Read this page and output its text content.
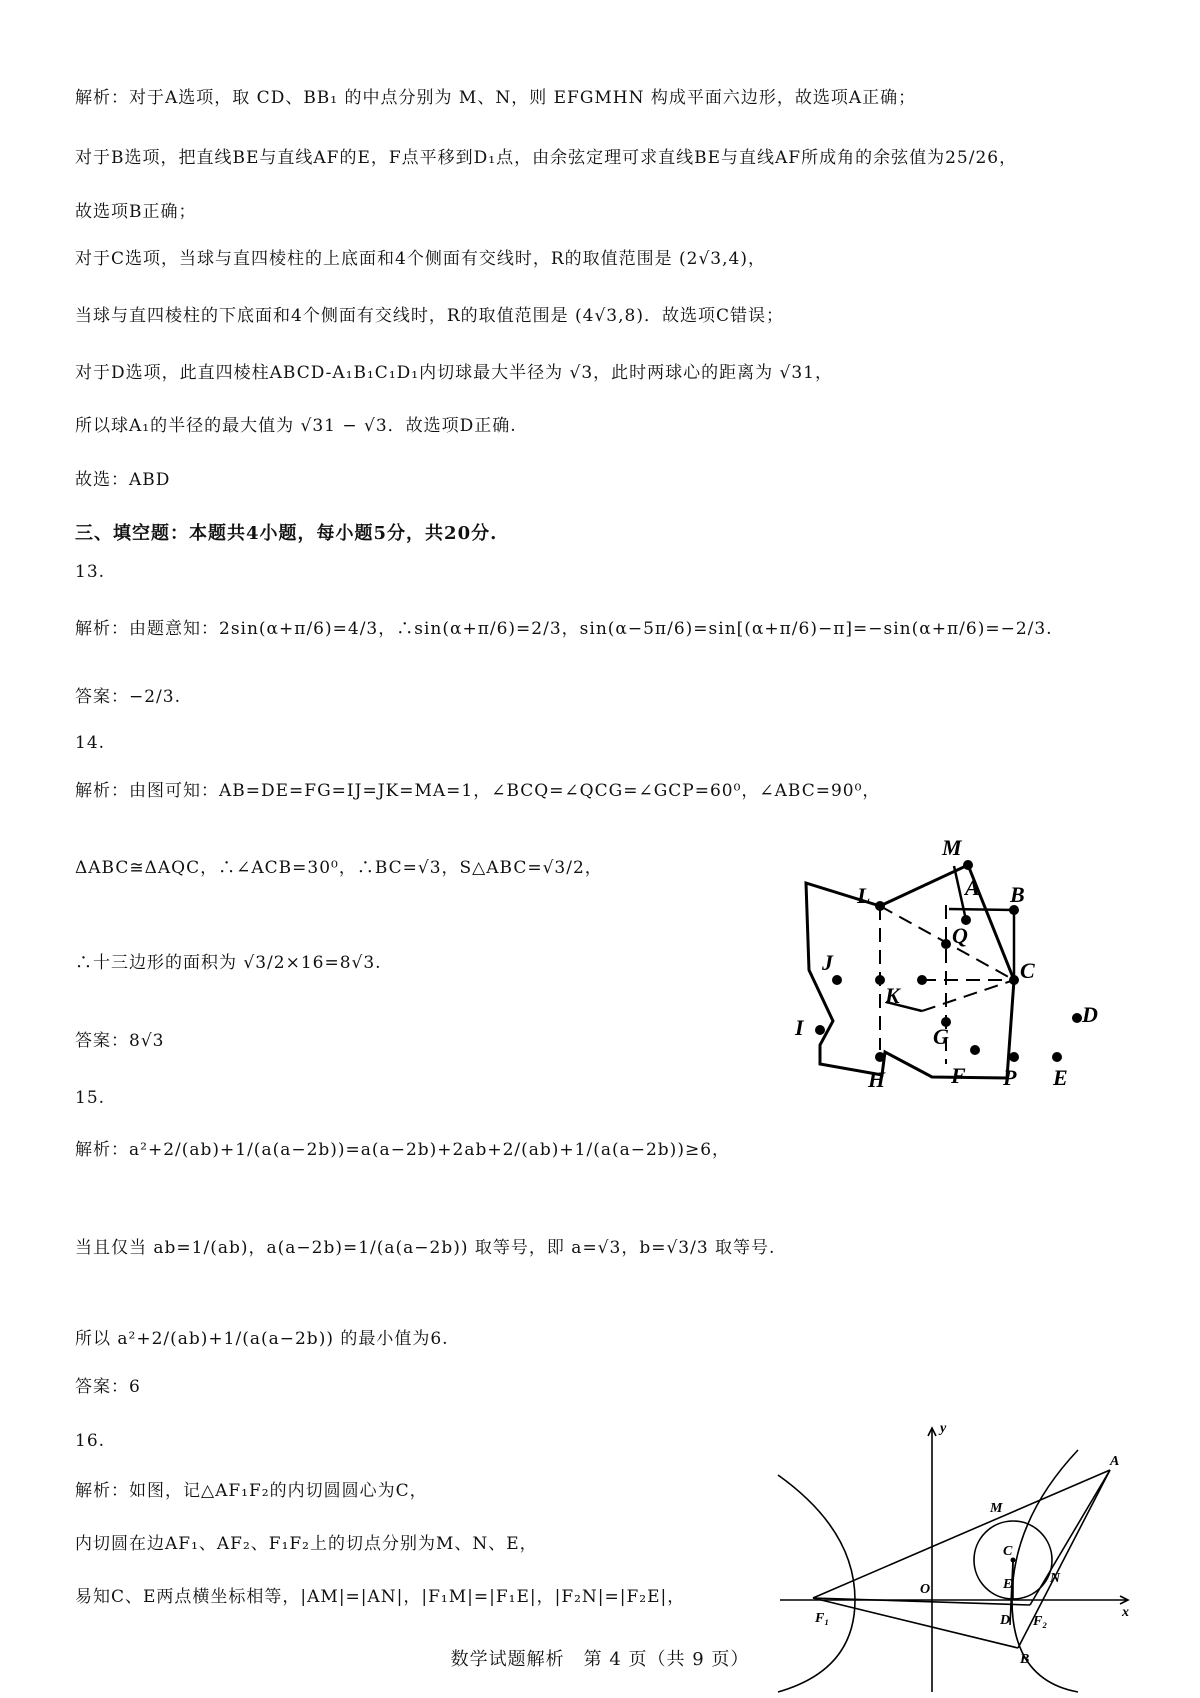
解析：对于A选项，取 CD、BB₁ 的中点分别为 M、N，则 EFGMHN 构成平面六边形，故选项A正确；
对于B选项，把直线BE与直线AF的E，F点平移到D₁点，由余弦定理可求直线BE与直线AF所成角的余弦值为25/26，
故选项B正确；
对于C选项，当球与直四棱柱的上底面和4个侧面有交线时，R的取值范围是 (2√3,4)，
当球与直四棱柱的下底面和4个侧面有交线时，R的取值范围是 (4√3,8)．故选项C错误；
对于D选项，此直四棱柱ABCD-A₁B₁C₁D₁内切球最大半径为 √3，此时两球心的距离为 √31，
所以球A₁的半径的最大值为 √31 − √3．故选项D正确.
故选：ABD
三、填空题：本题共4小题，每小题5分，共20分.
13.
解析：由题意知：2sin(α+π/6)=4/3，∴sin(α+π/6)=2/3，sin(α−5π/6)=sin[(α+π/6)−π]=−sin(α+π/6)=−2/3.
答案：−2/3.
14.
解析：由图可知：AB=DE=FG=IJ=JK=MA=1，∠BCQ=∠QCG=∠GCP=60⁰，∠ABC=90⁰，
ΔABC≅ΔAQC，∴∠ACB=30⁰，∴BC=√3，S△ABC=√3/2，
∴十三边形的面积为 √3/2×16=8√3.
答案：8√3
M
L	A B
Q
J
K
C
D
I	G
H	F P E
15.
解析：a²+2/(ab)+1/(a(a−2b))=a(a−2b)+2ab+2/(ab)+1/(a(a−2b))≥6，
当且仅当 ab=1/(ab)，a(a−2b)=1/(a(a−2b)) 取等号，即 a=√3，b=√3/3 取等号.
所以 a²+2/(ab)+1/(a(a−2b)) 的最小值为6.
答案：6
16.
解析：如图，记△AF₁F₂的内切圆圆心为C，
内切圆在边AF₁、AF₂、F₁F₂上的切点分别为M、N、E，
易知C、E两点横坐标相等，|AM|=|AN|，|F₁M|=|F₁E|，|F₂N|=|F₂E|，
y
A
M
C
N
E
O
F₁	D F₂
x
B
数学试题解析　第 4 页（共 9 页）
